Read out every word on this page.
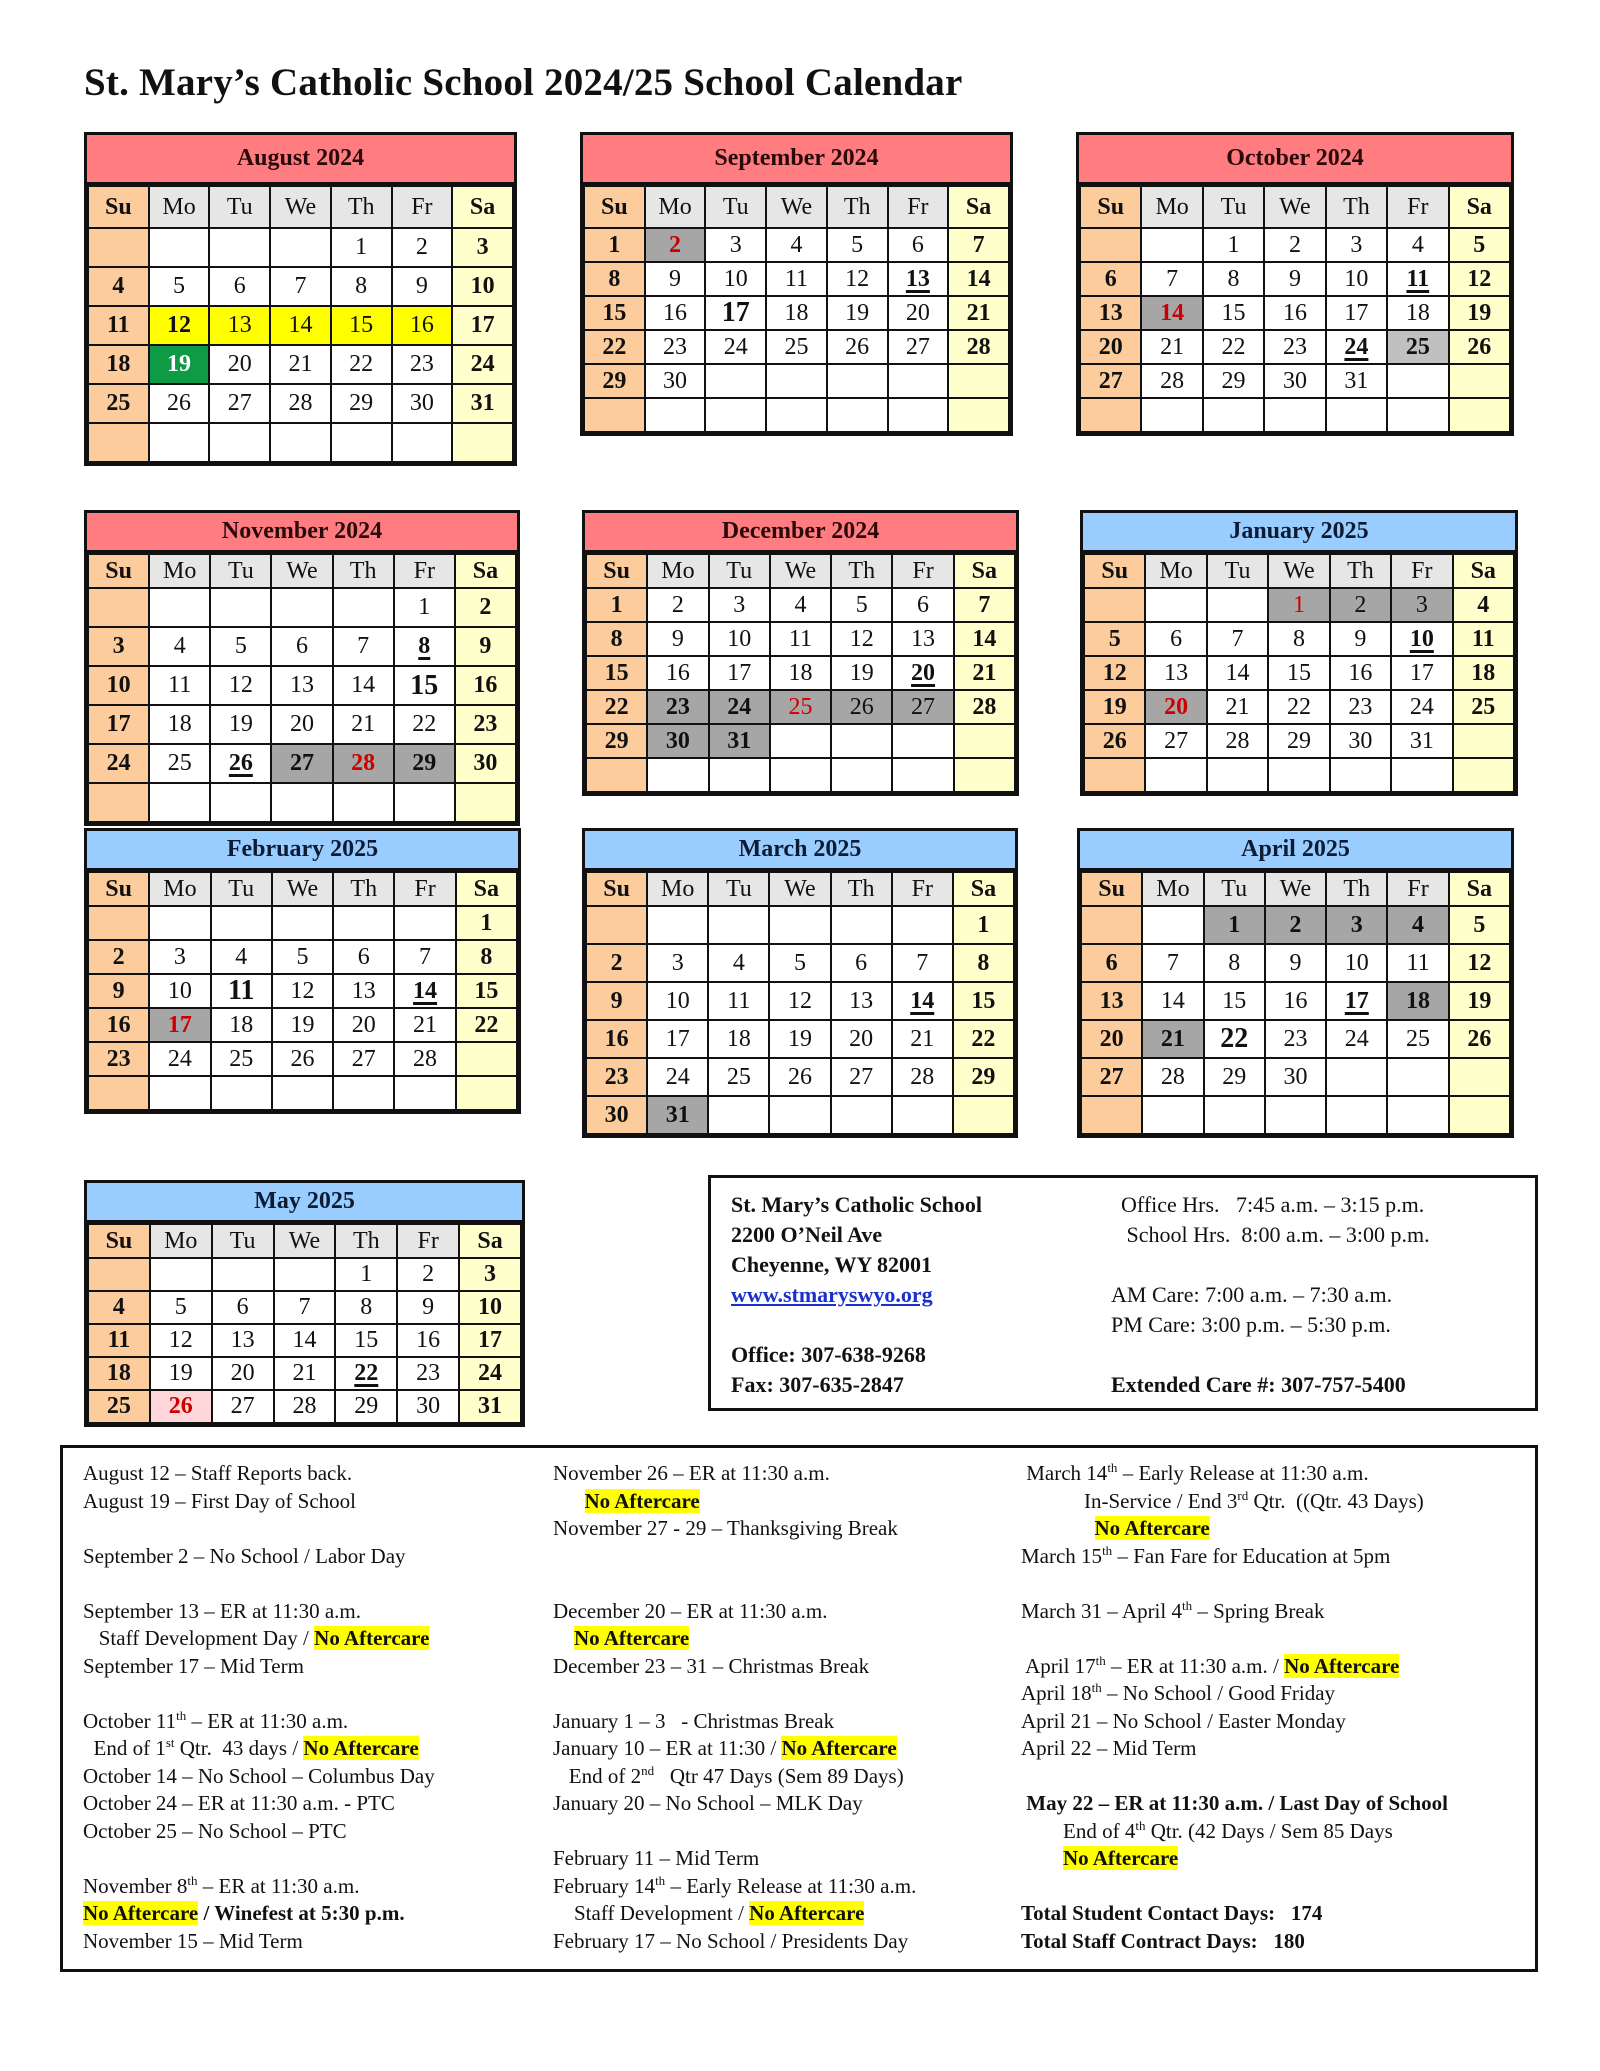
St. Mary’s Catholic School 2024/25 School Calendar
August 2024
Su	Mo	Tu	We	Th	Fr	Sa
				1	2	3
4	5	6	7	8	9	10
11	12	13	14	15	16	17
18	19	20	21	22	23	24
25	26	27	28	29	30	31

September 2024
Su	Mo	Tu	We	Th	Fr	Sa
1	2	3	4	5	6	7
8	9	10	11	12	13	14
15	16	17	18	19	20	21
22	23	24	25	26	27	28
29	30					

October 2024
Su	Mo	Tu	We	Th	Fr	Sa
		1	2	3	4	5
6	7	8	9	10	11	12
13	14	15	16	17	18	19
20	21	22	23	24	25	26
27	28	29	30	31		

November 2024
Su	Mo	Tu	We	Th	Fr	Sa
					1	2
3	4	5	6	7	8	9
10	11	12	13	14	15	16
17	18	19	20	21	22	23
24	25	26	27	28	29	30

December 2024
Su	Mo	Tu	We	Th	Fr	Sa
1	2	3	4	5	6	7
8	9	10	11	12	13	14
15	16	17	18	19	20	21
22	23	24	25	26	27	28
29	30	31				

January 2025
Su	Mo	Tu	We	Th	Fr	Sa
			1	2	3	4
5	6	7	8	9	10	11
12	13	14	15	16	17	18
19	20	21	22	23	24	25
26	27	28	29	30	31	

February 2025
Su	Mo	Tu	We	Th	Fr	Sa
						1
2	3	4	5	6	7	8
9	10	11	12	13	14	15
16	17	18	19	20	21	22
23	24	25	26	27	28	

March 2025
Su	Mo	Tu	We	Th	Fr	Sa
						1
2	3	4	5	6	7	8
9	10	11	12	13	14	15
16	17	18	19	20	21	22
23	24	25	26	27	28	29
30	31					
April 2025
Su	Mo	Tu	We	Th	Fr	Sa
		1	2	3	4	5
6	7	8	9	10	11	12
13	14	15	16	17	18	19
20	21	22	23	24	25	26
27	28	29	30			

May 2025
Su	Mo	Tu	We	Th	Fr	Sa
				1	2	3
4	5	6	7	8	9	10
11	12	13	14	15	16	17
18	19	20	21	22	23	24
25	26	27	28	29	30	31
St. Mary’s Catholic School
2200 O’Neil Ave
Cheyenne, WY 82001
www.stmaryswyo.org
Office: 307-638-9268
Fax: 307-635-2847
Office Hrs.   7:45 a.m. – 3:15 p.m.
School Hrs.  8:00 a.m. – 3:00 p.m.
AM Care: 7:00 a.m. – 7:30 a.m.
PM Care: 3:00 p.m. – 5:30 p.m.
Extended Care #: 307-757-5400
August 12 – Staff Reports back.
August 19 – First Day of School
September 2 – No School / Labor Day
September 13 – ER at 11:30 a.m.
Staff Development Day / No Aftercare
September 17 – Mid Term
October 11th – ER at 11:30 a.m.
End of 1st Qtr.  43 days / No Aftercare
October 14 – No School – Columbus Day
October 24 – ER at 11:30 a.m. - PTC
October 25 – No School – PTC
November 8th – ER at 11:30 a.m.
No Aftercare / Winefest at 5:30 p.m.
November 15 – Mid Term
November 26 – ER at 11:30 a.m.
No Aftercare
November 27 - 29 – Thanksgiving Break
December 20 – ER at 11:30 a.m.
No Aftercare
December 23 – 31 – Christmas Break
January 1 – 3   - Christmas Break
January 10 – ER at 11:30 / No Aftercare
End of 2nd   Qtr 47 Days (Sem 89 Days)
January 20 – No School – MLK Day
February 11 – Mid Term
February 14th – Early Release at 11:30 a.m.
Staff Development / No Aftercare
February 17 – No School / Presidents Day
March 14th – Early Release at 11:30 a.m.
In-Service / End 3rd Qtr.  ((Qtr. 43 Days)
No Aftercare
March 15th – Fan Fare for Education at 5pm
March 31 – April 4th – Spring Break
April 17th – ER at 11:30 a.m. / No Aftercare
April 18th – No School / Good Friday
April 21 – No School / Easter Monday
April 22 – Mid Term
May 22 – ER at 11:30 a.m. / Last Day of School
End of 4th Qtr. (42 Days / Sem 85 Days
No Aftercare
Total Student Contact Days:   174
Total Staff Contract Days:   180
